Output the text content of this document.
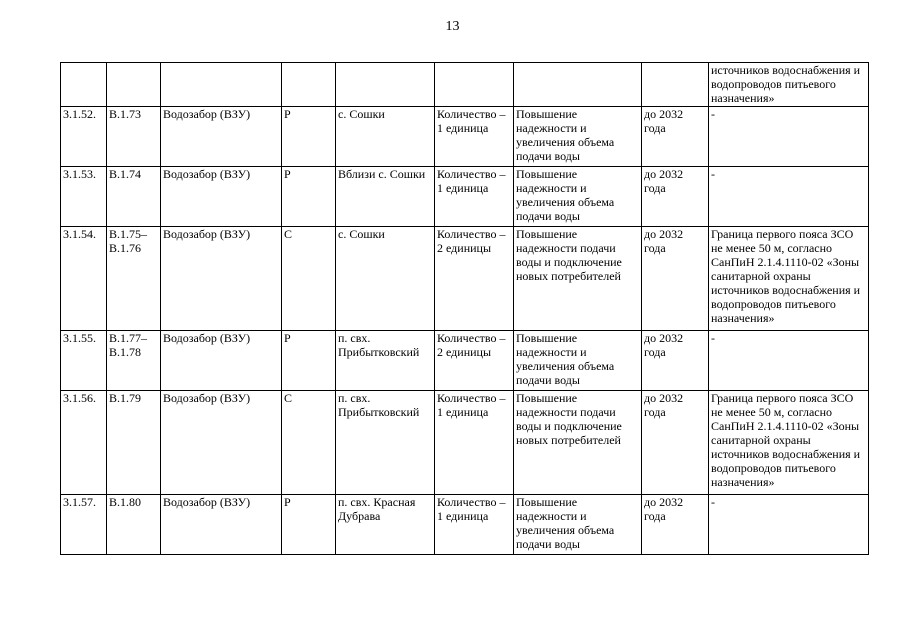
13
								источников водоснабжения и водопроводов питьевого назначения»
3.1.52.	В.1.73	Водозабор (ВЗУ)	Р	с. Сошки	Количество – 1 единица	Повышение надежности и увеличения объема подачи воды	до 2032 года	-
3.1.53.	В.1.74	Водозабор (ВЗУ)	Р	Вблизи с. Сошки	Количество – 1 единица	Повышение надежности и увеличения объема подачи воды	до 2032 года	-
3.1.54.	В.1.75– В.1.76	Водозабор (ВЗУ)	С	с. Сошки	Количество – 2 единицы	Повышение надежности подачи воды и подключение новых потребителей	до 2032 года	Граница первого пояса ЗСО не менее 50 м, согласно СанПиН 2.1.4.1110-02 «Зоны санитарной охраны источников водоснабжения и водопроводов питьевого назначения»
3.1.55.	В.1.77– В.1.78	Водозабор (ВЗУ)	Р	п. свх. Прибытковский	Количество – 2 единицы	Повышение надежности и увеличения объема подачи воды	до 2032 года	-
3.1.56.	В.1.79	Водозабор (ВЗУ)	С	п. свх. Прибытковский	Количество – 1 единица	Повышение надежности подачи воды и подключение новых потребителей	до 2032 года	Граница первого пояса ЗСО не менее 50 м, согласно СанПиН 2.1.4.1110-02 «Зоны санитарной охраны источников водоснабжения и водопроводов питьевого назначения»
3.1.57.	В.1.80	Водозабор (ВЗУ)	Р	п. свх. Красная Дубрава	Количество – 1 единица	Повышение надежности и увеличения объема подачи воды	до 2032 года	-
